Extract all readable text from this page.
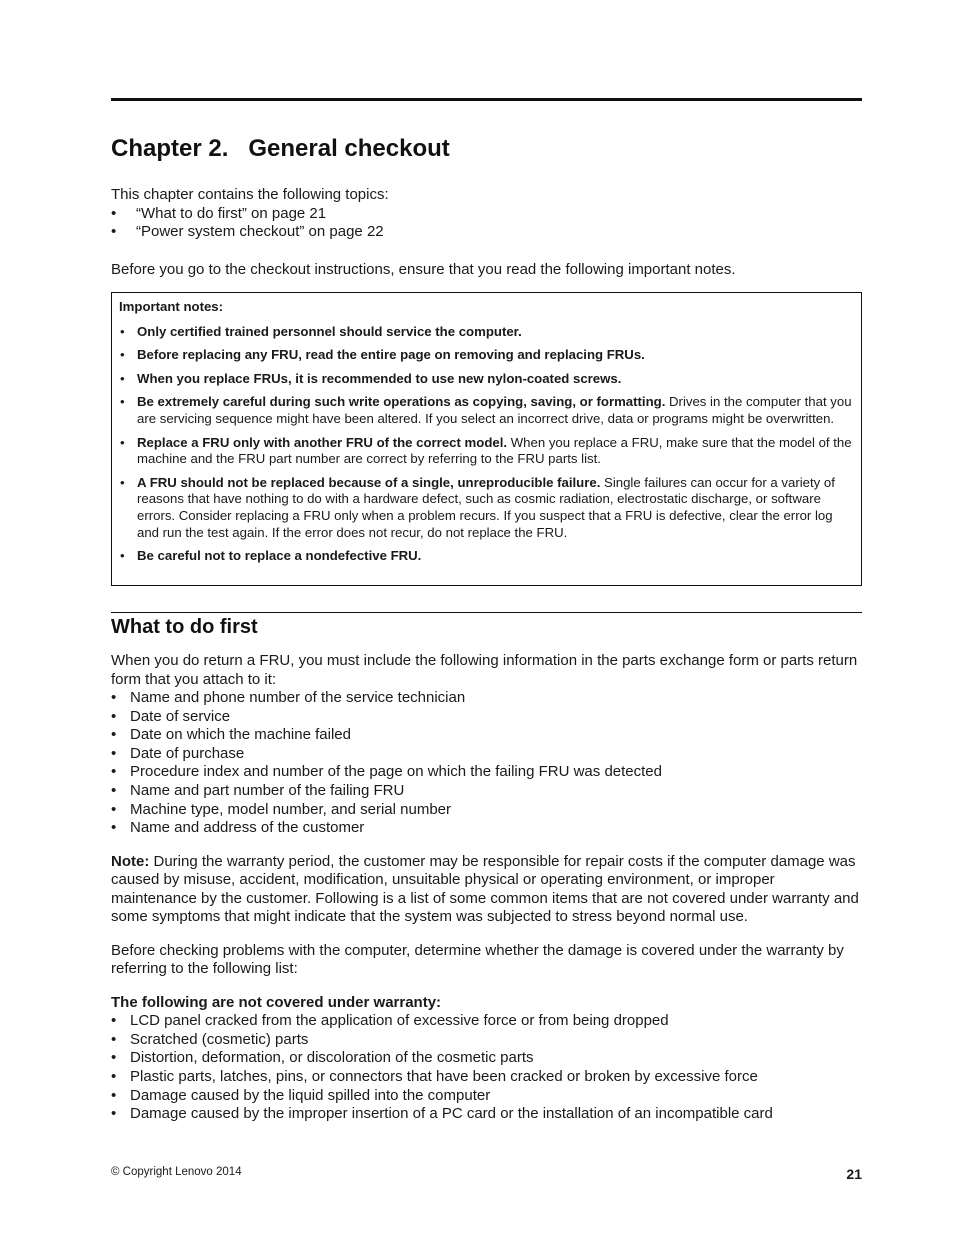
Chapter 2.   General checkout

This chapter contains the following topics:

• “What to do first” on page 21
• “Power system checkout” on page 22

Before you go to the checkout instructions, ensure that you read the following important notes.

Important notes:

• Only certified trained personnel should service the computer.
• Before replacing any FRU, read the entire page on removing and replacing FRUs.
• When you replace FRUs, it is recommended to use new nylon-coated screws.
• Be extremely careful during such write operations as copying, saving, or formatting. Drives in the computer that you are servicing sequence might have been altered. If you select an incorrect drive, data or programs might be overwritten.
• Replace a FRU only with another FRU of the correct model. When you replace a FRU, make sure that the model of the machine and the FRU part number are correct by referring to the FRU parts list.
• A FRU should not be replaced because of a single, unreproducible failure. Single failures can occur for a variety of reasons that have nothing to do with a hardware defect, such as cosmic radiation, electrostatic discharge, or software errors. Consider replacing a FRU only when a problem recurs. If you suspect that a FRU is defective, clear the error log and run the test again. If the error does not recur, do not replace the FRU.
• Be careful not to replace a nondefective FRU.
What to do first

When you do return a FRU, you must include the following information in the parts exchange form or parts return form that you attach to it:

• Name and phone number of the service technician
• Date of service
• Date on which the machine failed
• Date of purchase
• Procedure index and number of the page on which the failing FRU was detected
• Name and part number of the failing FRU
• Machine type, model number, and serial number
• Name and address of the customer

Note: During the warranty period, the customer may be responsible for repair costs if the computer damage was caused by misuse, accident, modification, unsuitable physical or operating environment, or improper maintenance by the customer. Following is a list of some common items that are not covered under warranty and some symptoms that might indicate that the system was subjected to stress beyond normal use.

Before checking problems with the computer, determine whether the damage is covered under the warranty by referring to the following list:

The following are not covered under warranty:

• LCD panel cracked from the application of excessive force or from being dropped
• Scratched (cosmetic) parts
• Distortion, deformation, or discoloration of the cosmetic parts
• Plastic parts, latches, pins, or connectors that have been cracked or broken by excessive force
• Damage caused by the liquid spilled into the computer
• Damage caused by the improper insertion of a PC card or the installation of an incompatible card
© Copyright Lenovo 2014	21
